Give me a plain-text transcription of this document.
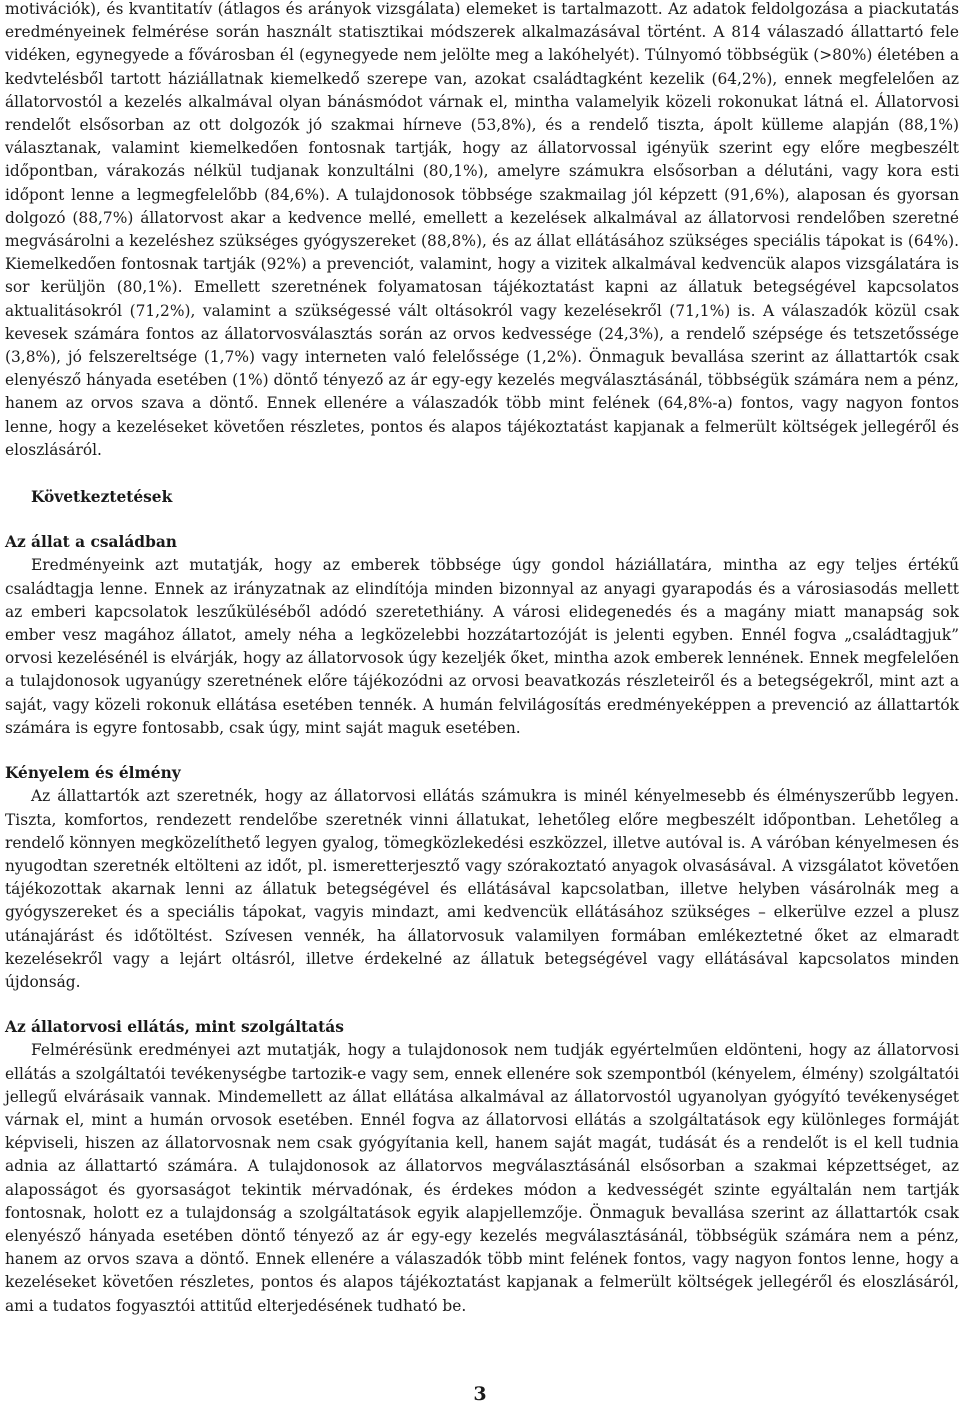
motivációk), és kvantitatív (átlagos és arányok vizsgálata) elemeket is tartalmazott. Az adatok feldolgozása a piackutatás eredményeinek felmérése során használt statisztikai módszerek alkalmazásával történt. A 814 válaszadó állattartó fele vidéken, egynegyede a fővárosban él (egynegyede nem jelölte meg a lakóhelyét). Túlnyomó többségük (>80%) életében a kedvtelésből tartott háziállatnak kiemelkedő szerepe van, azokat családtagként kezelik (64,2%), ennek megfelelően az állatorvostól a kezelés alkalmával olyan bánásmódot várnak el, mintha valamelyik közeli rokonukat látná el. Állatorvosi rendelőt elsősorban az ott dolgozók jó szakmai hírneve (53,8%), és a rendelő tiszta, ápolt külleme alapján (88,1%) választanak, valamint kiemelkedően fontosnak tartják, hogy az állatorvossal igényük szerint egy előre megbeszélt időpontban, várakozás nélkül tudjanak konzultálni (80,1%), amelyre számukra elsősorban a délutáni, vagy kora esti időpont lenne a legmegfelelőbb (84,6%). A tulajdonosok többsége szakmailag jól képzett (91,6%), alaposan és gyorsan dolgozó (88,7%) állatorvost akar a kedvence mellé, emellett a kezelések alkalmával az állatorvosi rendelőben szeretné megvásárolni a kezeléshez szükséges gyógyszereket (88,8%), és az állat ellátásához szükséges speciális tápokat is (64%). Kiemelkedően fontosnak tartják (92%) a prevenciót, valamint, hogy a vizitek alkalmával kedvencük alapos vizsgálatára is sor kerüljön (80,1%). Emellett szeretnének folyamatosan tájékoztatást kapni az állatuk betegségével kapcsolatos aktualitásokról (71,2%), valamint a szükségessé vált oltásokról vagy kezelésekről (71,1%) is. A válaszadók közül csak kevesek számára fontos az állatorvosválasztás során az orvos kedvessége (24,3%), a rendelő szépsége és tetszetőssége (3,8%), jó felszereltsége (1,7%) vagy interneten való felelőssége (1,2%). Önmaguk bevallása szerint az állattartók csak elenyésző hányada esetében (1%) döntő tényező az ár egy-egy kezelés megválasztásánál, többségük számára nem a pénz, hanem az orvos szava a döntő. Ennek ellenére a válaszadók több mint felének (64,8%-a) fontos, vagy nagyon fontos lenne, hogy a kezeléseket követően részletes, pontos és alapos tájékoztatást kapjanak a felmerült költségek jellegéről és eloszlásáról.

Következtetések
Az állat a családban

Eredményeink azt mutatják, hogy az emberek többsége úgy gondol háziállatára, mintha az egy teljes értékű családtagja lenne. Ennek az irányzatnak az elindítója minden bizonnyal az anyagi gyarapodás és a városiasodás mellett az emberi kapcsolatok leszűküléséből adódó szeretethiány. A városi elidegenedés és a magány miatt manapság sok ember vesz magához állatot, amely néha a legközelebbi hozzátartozóját is jelenti egyben. Ennél fogva „családtagjuk” orvosi kezelésénél is elvárják, hogy az állatorvosok úgy kezeljék őket, mintha azok emberek lennének. Ennek megfelelően a tulajdonosok ugyanúgy szeretnének előre tájékozódni az orvosi beavatkozás részleteiről és a betegségekről, mint azt a saját, vagy közeli rokonuk ellátása esetében tennék. A humán felvilágosítás eredményeképpen a prevenció az állattartók számára is egyre fontosabb, csak úgy, mint saját maguk esetében.

Kényelem és élmény

Az állattartók azt szeretnék, hogy az állatorvosi ellátás számukra is minél kényelmesebb és élményszerűbb legyen. Tiszta, komfortos, rendezett rendelőbe szeretnék vinni állatukat, lehetőleg előre megbeszélt időpontban. Lehetőleg a rendelő könnyen megközelíthető legyen gyalog, tömegközlekedési eszközzel, illetve autóval is. A váróban kényelmesen és nyugodtan szeretnék eltölteni az időt, pl. ismeretterjesztő vagy szórakoztató anyagok olvasásával. A vizsgálatot követően tájékozottak akarnak lenni az állatuk betegségével és ellátásával kapcsolatban, illetve helyben vásárolnák meg a gyógyszereket és a speciális tápokat, vagyis mindazt, ami kedvencük ellátásához szükséges – elkerülve ezzel a plusz utánajárást és időtöltést. Szívesen vennék, ha állatorvosuk valamilyen formában emlékeztetné őket az elmaradt kezelésekről vagy a lejárt oltásról, illetve érdekelné az állatuk betegségével vagy ellátásával kapcsolatos minden újdonság.

Az állatorvosi ellátás, mint szolgáltatás

Felmérésünk eredményei azt mutatják, hogy a tulajdonosok nem tudják egyértelműen eldönteni, hogy az állatorvosi ellátás a szolgáltatói tevékenységbe tartozik-e vagy sem, ennek ellenére sok szempontból (kényelem, élmény) szolgáltatói jellegű elvárásaik vannak. Mindemellett az állat ellátása alkalmával az állatorvostól ugyanolyan gyógyító tevékenységet várnak el, mint a humán orvosok esetében. Ennél fogva az állatorvosi ellátás a szolgáltatások egy különleges formáját képviseli, hiszen az állatorvosnak nem csak gyógyítania kell, hanem saját magát, tudását és a rendelőt is el kell tudnia adnia az állattartó számára. A tulajdonosok az állatorvos megválasztásánál elsősorban a szakmai képzettséget, az alaposságot és gyorsaságot tekintik mérvadónak, és érdekes módon a kedvességét szinte egyáltalán nem tartják fontosnak, holott ez a tulajdonság a szolgáltatások egyik alapjellemzője. Önmaguk bevallása szerint az állattartók csak elenyésző hányada esetében döntő tényező az ár egy-egy kezelés megválasztásánál, többségük számára nem a pénz, hanem az orvos szava a döntő. Ennek ellenére a válaszadók több mint felének fontos, vagy nagyon fontos lenne, hogy a kezeléseket követően részletes, pontos és alapos tájékoztatást kapjanak a felmerült költségek jellegéről és eloszlásáról, ami a tudatos fogyasztói attitűd elterjedésének tudható be.

3
